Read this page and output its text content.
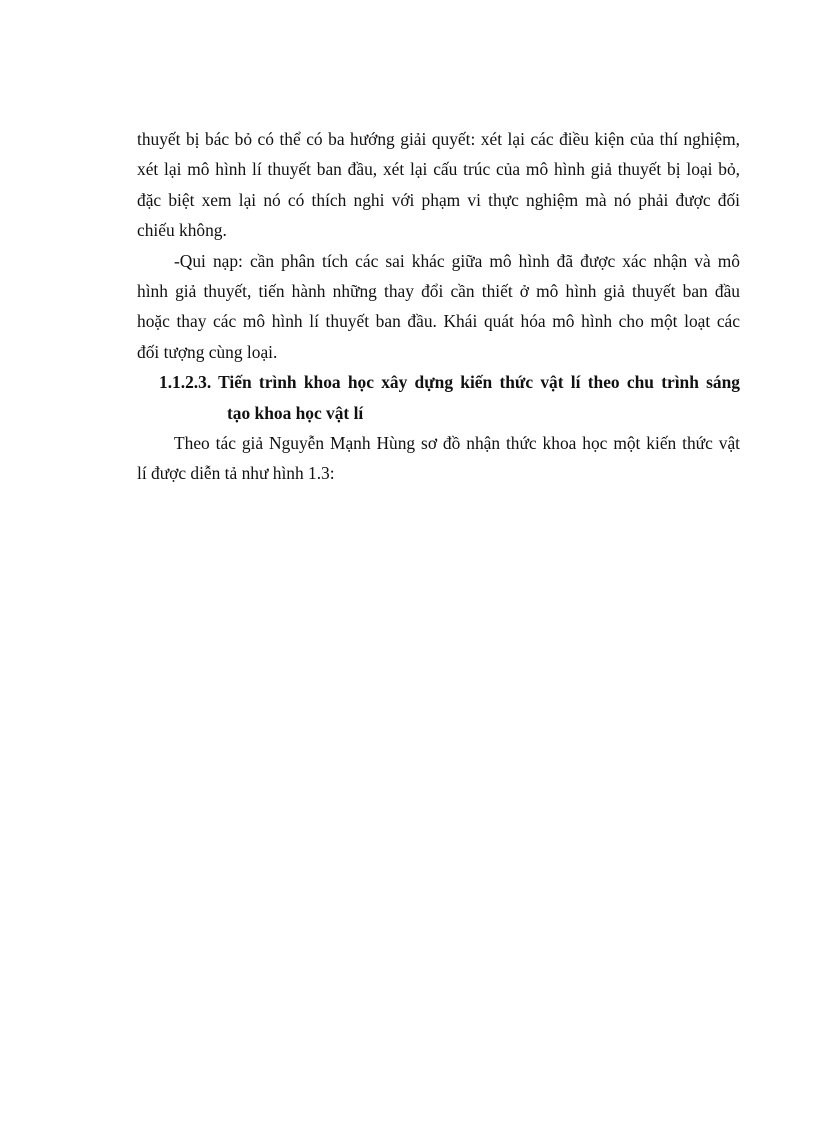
thuyết bị bác bỏ có thể có ba hướng giải quyết: xét lại các điều kiện của thí nghiệm,
xét lại mô hình lí thuyết ban đầu, xét lại cấu trúc của mô hình giả thuyết bị loại bỏ,
đặc biệt xem lại nó có thích nghi với phạm vi thực nghiệm mà nó phải được đối
chiếu không.
-Qui nạp: cần phân tích các sai khác giữa mô hình đã được xác nhận và mô
hình giả thuyết, tiến hành những thay đổi cần thiết ở mô hình giả thuyết ban đầu
hoặc thay các mô hình lí thuyết ban đầu. Khái quát hóa mô hình cho một loạt các
đối tượng cùng loại.
1.1.2.3. Tiến trình khoa học xây dựng kiến thức vật lí theo chu trình sáng
tạo khoa học vật lí
Theo tác giả Nguyễn Mạnh Hùng sơ đồ nhận thức khoa học một kiến thức vật
lí được diễn tả như hình 1.3:
